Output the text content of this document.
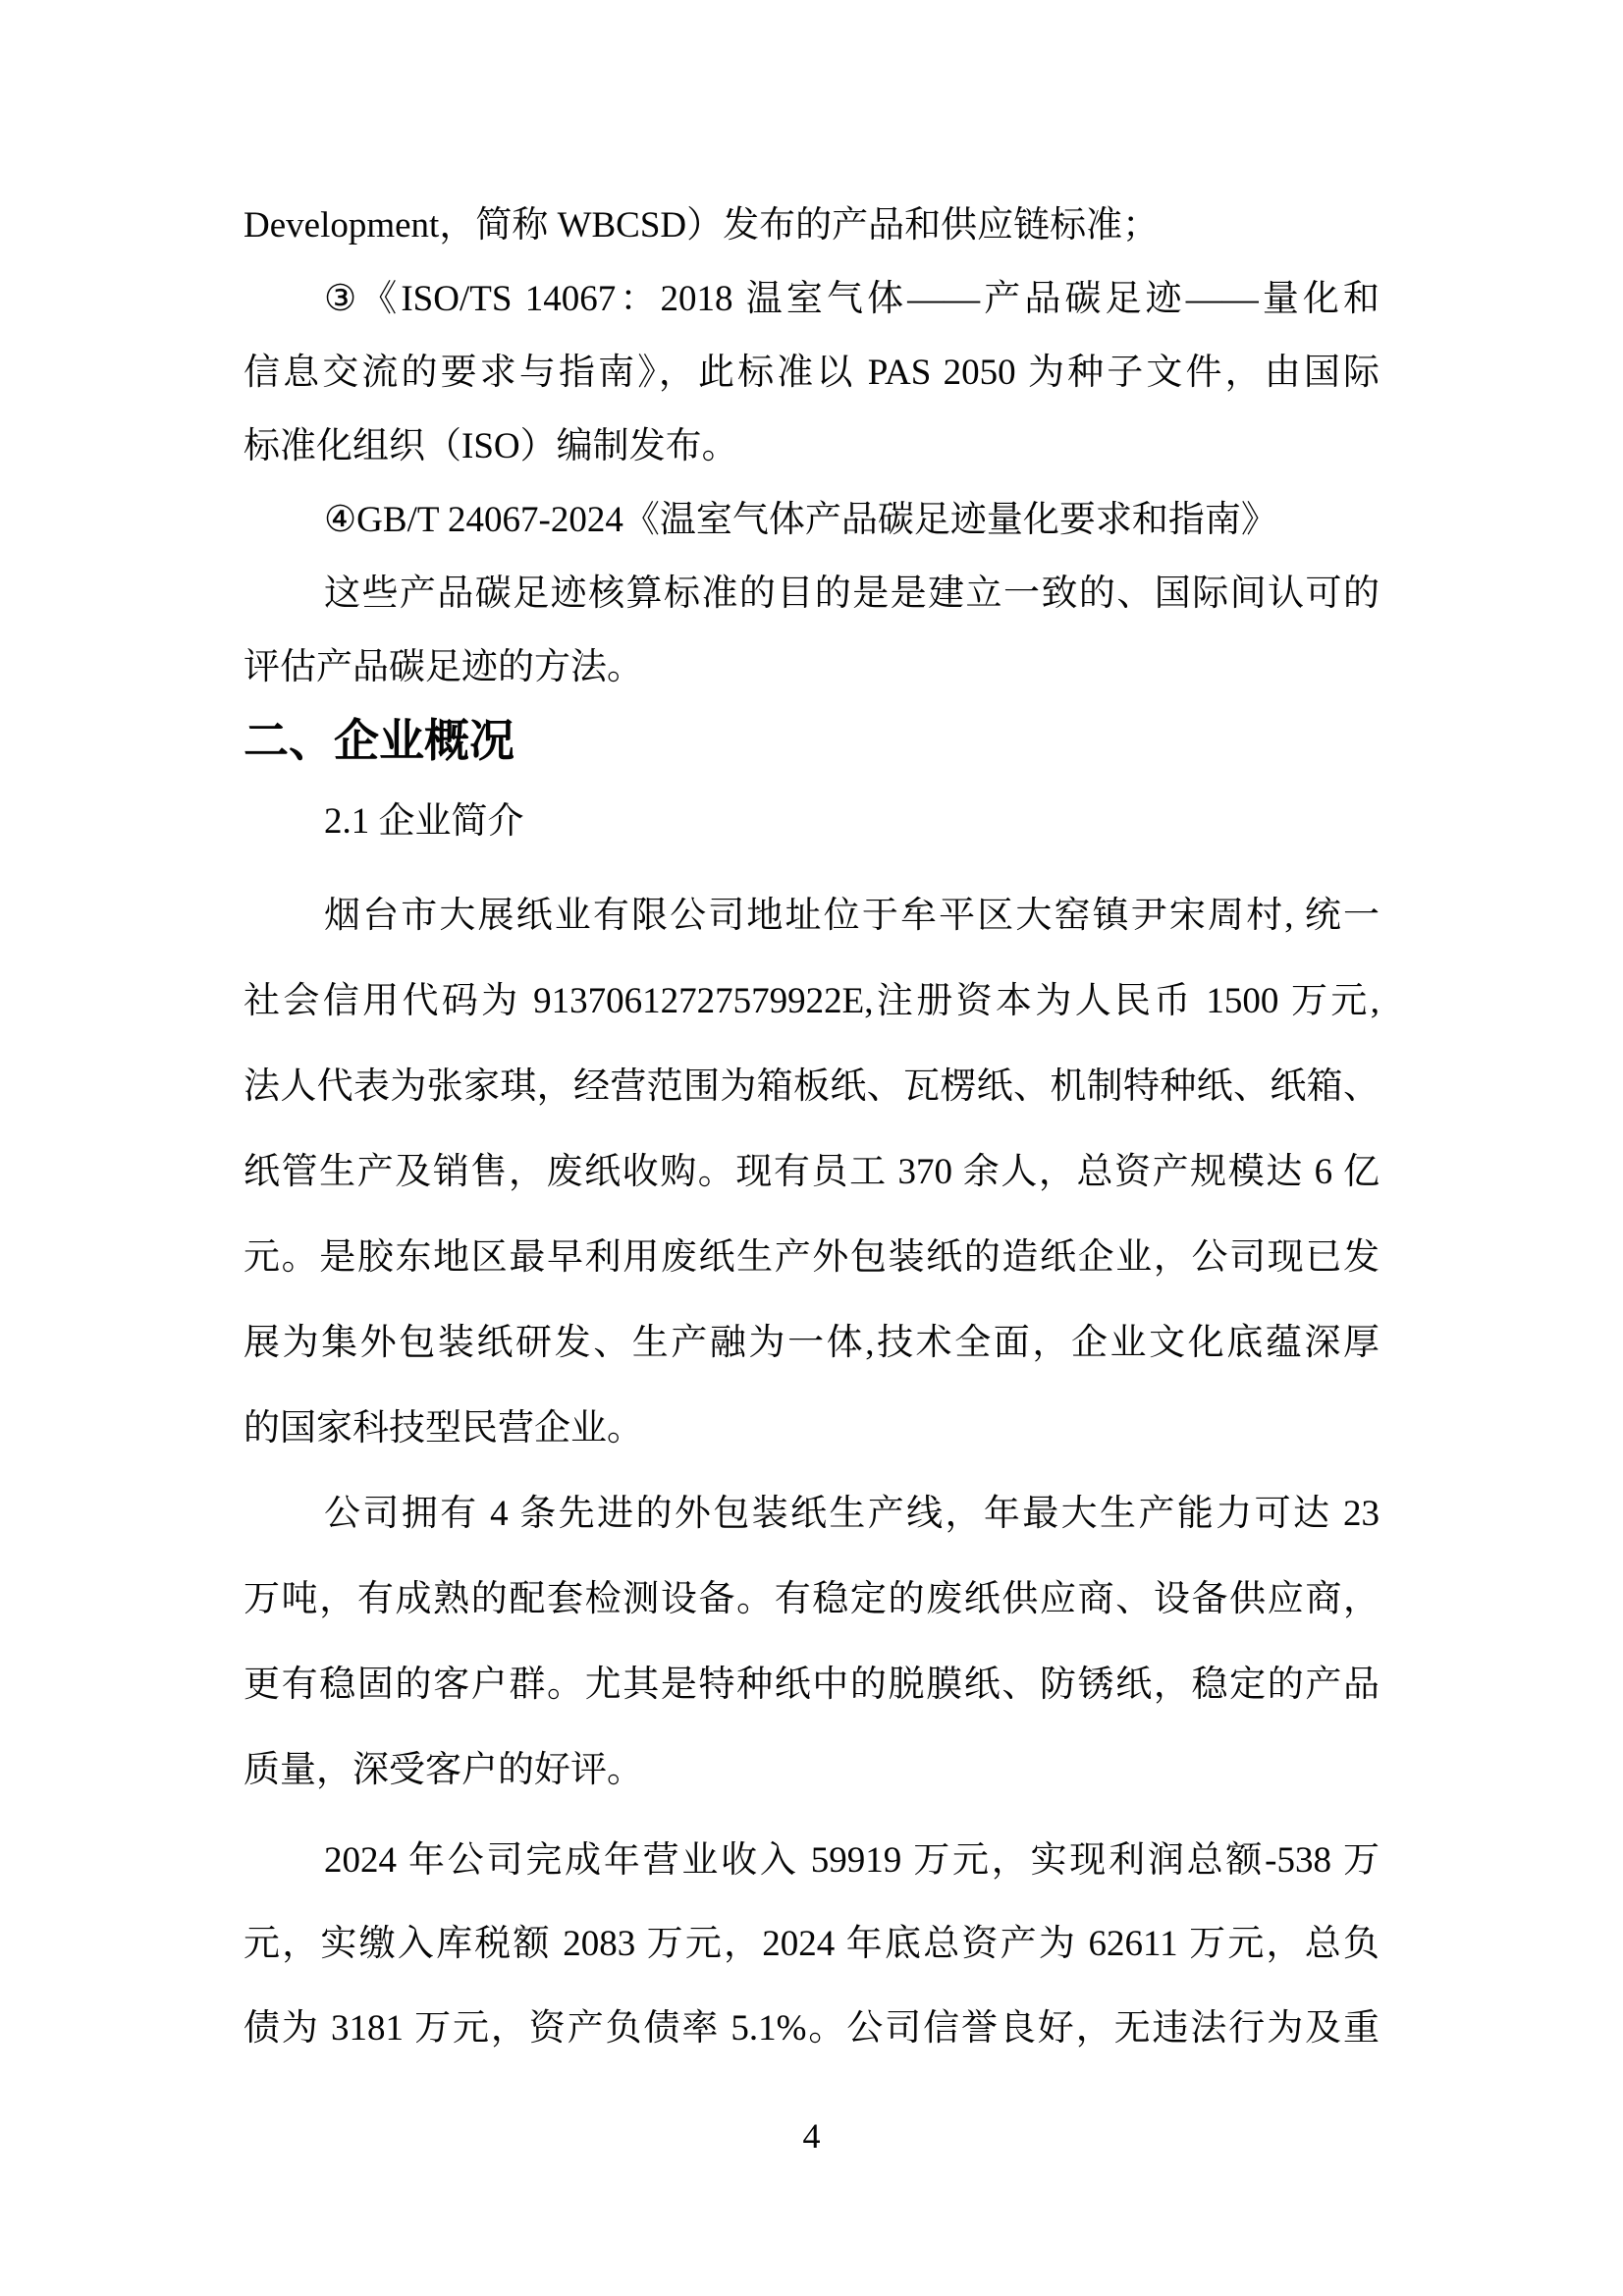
Development，简称 WBCSD）发布的产品和供应链标准；
③《ISO/TS 14067：2018 温室气体——产品碳足迹——量化和
信息交流的要求与指南》，此标准以 PAS 2050 为种子文件，由国际
标准化组织（ISO）编制发布。
④GB/T 24067-2024《温室气体产品碳足迹量化要求和指南》
这些产品碳足迹核算标准的目的是是建立一致的、国际间认可的
评估产品碳足迹的方法。
二、企业概况
2.1 企业简介
烟台市大展纸业有限公司地址位于牟平区大窑镇尹宋周村, 统一
社会信用代码为 91370612727579922E,注册资本为人民币 1500 万元,
法人代表为张家琪，经营范围为箱板纸、瓦楞纸、机制特种纸、纸箱、
纸管生产及销售，废纸收购。现有员工 370 余人，总资产规模达 6 亿
元。是胶东地区最早利用废纸生产外包装纸的造纸企业，公司现已发
展为集外包装纸研发、生产融为一体,技术全面，企业文化底蕴深厚
的国家科技型民营企业。
公司拥有 4 条先进的外包装纸生产线，年最大生产能力可达 23
万吨，有成熟的配套检测设备。有稳定的废纸供应商、设备供应商，
更有稳固的客户群。尤其是特种纸中的脱膜纸、防锈纸，稳定的产品
质量，深受客户的好评。
2024 年公司完成年营业收入 59919 万元，实现利润总额-538 万
元，实缴入库税额 2083 万元，2024 年底总资产为 62611 万元，总负
债为 3181 万元，资产负债率 5.1%。公司信誉良好，无违法行为及重
4
